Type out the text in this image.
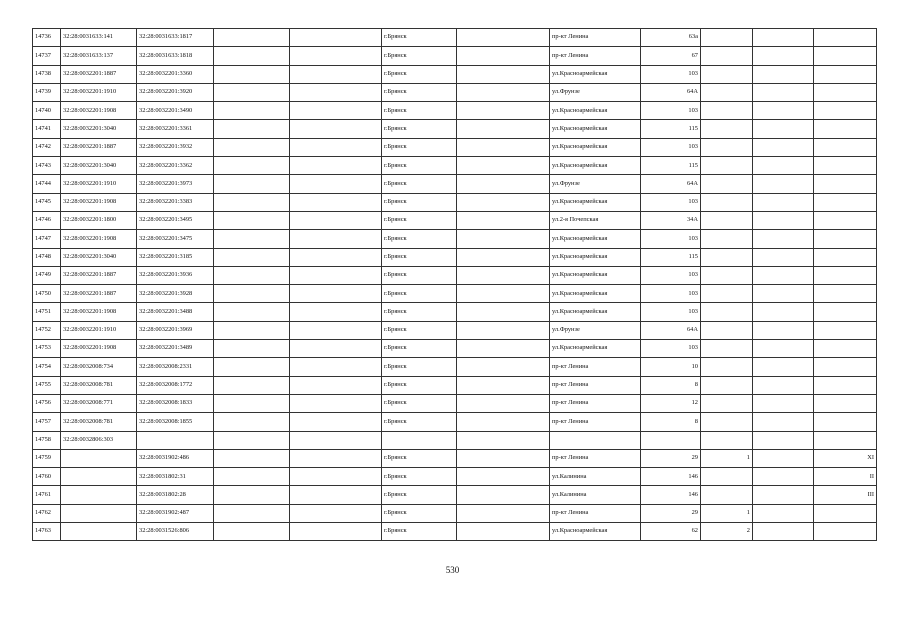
14736	32:28:0031633:141	32:28:0031633:1817			г.Брянск		пр-кт Ленина	63а			
14737	32:28:0031633:137	32:28:0031633:1818			г.Брянск		пр-кт Ленина	67			
14738	32:28:0032201:1887	32:28:0032201:3360			г.Брянск		ул.Красноармейская	103			
14739	32:28:0032201:1910	32:28:0032201:3920			г.Брянск		ул.Фрунзе	64А			
14740	32:28:0032201:1908	32:28:0032201:3490			г.Брянск		ул.Красноармейская	103			
14741	32:28:0032201:3040	32:28:0032201:3361			г.Брянск		ул.Красноармейская	115			
14742	32:28:0032201:1887	32:28:0032201:3932			г.Брянск		ул.Красноармейская	103			
14743	32:28:0032201:3040	32:28:0032201:3362			г.Брянск		ул.Красноармейская	115			
14744	32:28:0032201:1910	32:28:0032201:3973			г.Брянск		ул.Фрунзе	64А			
14745	32:28:0032201:1908	32:28:0032201:3383			г.Брянск		ул.Красноармейская	103			
14746	32:28:0032201:1800	32:28:0032201:3495			г.Брянск		ул.2-я Почепская	34А			
14747	32:28:0032201:1908	32:28:0032201:3475			г.Брянск		ул.Красноармейская	103			
14748	32:28:0032201:3040	32:28:0032201:3185			г.Брянск		ул.Красноармейская	115			
14749	32:28:0032201:1887	32:28:0032201:3936			г.Брянск		ул.Красноармейская	103			
14750	32:28:0032201:1887	32:28:0032201:3928			г.Брянск		ул.Красноармейская	103			
14751	32:28:0032201:1908	32:28:0032201:3488			г.Брянск		ул.Красноармейская	103			
14752	32:28:0032201:1910	32:28:0032201:3969			г.Брянск		ул.Фрунзе	64А			
14753	32:28:0032201:1908	32:28:0032201:3489			г.Брянск		ул.Красноармейская	103			
14754	32:28:0032008:734	32:28:0032008:2331			г.Брянск		пр-кт Ленина	10			
14755	32:28:0032008:781	32:28:0032008:1772			г.Брянск		пр-кт Ленина	8			
14756	32:28:0032008:771	32:28:0032008:1833			г.Брянск		пр-кт Ленина	12			
14757	32:28:0032008:781	32:28:0032008:1855			г.Брянск		пр-кт Ленина	8			
14758	32:28:0032806:303										
14759		32:28:0031902:486			г.Брянск		пр-кт Ленина	29	1		XI
14760		32:28:0031802:31			г.Брянск		ул.Калинина	146			II
14761		32:28:0031802:28			г.Брянск		ул.Калинина	146			III
14762		32:28:0031902:487			г.Брянск		пр-кт Ленина	29	1		
14763		32:28:0031526:806			г.Брянск		ул.Красноармейская	62	2		
530
